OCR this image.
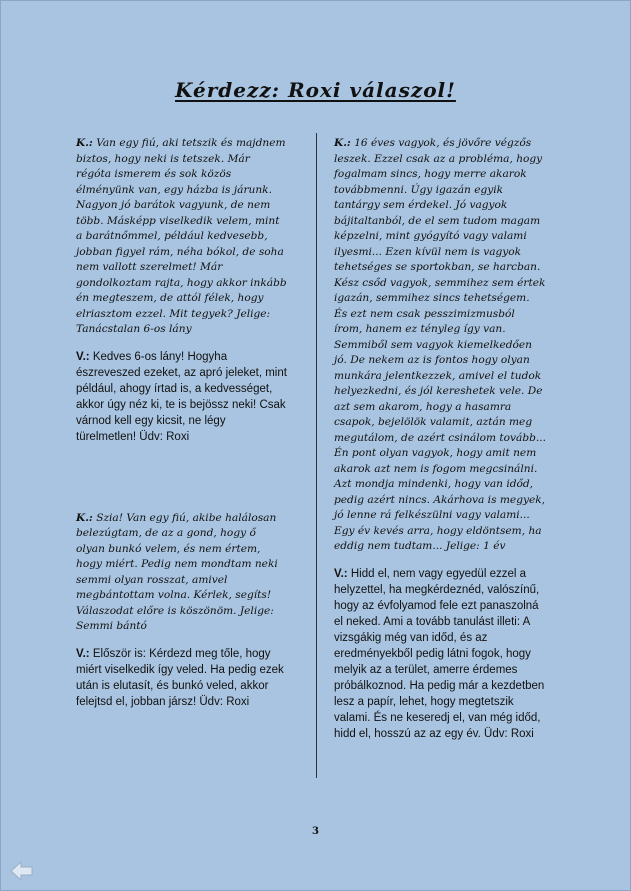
Kérdezz: Roxi válaszol!

K.: Van egy fiú, aki tetszik és majdnem biztos, hogy neki is tetszek. Már régóta ismerem és sok közös élményünk van, egy házba is járunk. Nagyon jó barátok vagyunk, de nem több. Másképp viselkedik velem, mint a barátnőmmel, például kedvesebb, jobban figyel rám, néha bókol, de soha nem vallott szerelmet! Már gondolkoztam rajta, hogy akkor inkább én megteszem, de attól félek, hogy elriasztom ezzel. Mit tegyek? Jelige: Tanácstalan 6-os lány

V.: Kedves 6-os lány! Hogyha észreveszed ezeket, az apró jeleket, mint például, ahogy írtad is, a kedvességet, akkor úgy néz ki, te is bejössz neki! Csak várnod kell egy kicsit, ne légy türelmetlen! Üdv: Roxi

K.: Szia! Van egy fiú, akibe halálosan belezúgtam, de az a gond, hogy ő olyan bunkó velem, és nem értem, hogy miért. Pedig nem mondtam neki semmi olyan rosszat, amivel megbántottam volna. Kérlek, segíts! Válaszodat előre is köszönöm. Jelige: Semmi bántó

V.: Először is: Kérdezd meg tőle, hogy miért viselkedik így veled. Ha pedig ezek után is elutasít, és bunkó veled, akkor felejtsd el, jobban jársz! Üdv: Roxi

K.: 16 éves vagyok, és jövőre végzős leszek. Ezzel csak az a probléma, hogy fogalmam sincs, hogy merre akarok továbbmenni. Úgy igazán egyik tantárgy sem érdekel. Jó vagyok bájitaltanból, de el sem tudom magam képzelni, mint gyógyító vagy valami ilyesmi... Ezen kívül nem is vagyok tehetséges se sportokban, se harcban. Kész csőd vagyok, semmihez sem értek igazán, semmihez sincs tehetségem. És ezt nem csak pesszimizmusból írom, hanem ez tényleg így van. Semmiből sem vagyok kiemelkedően jó. De nekem az is fontos hogy olyan munkára jelentkezzek, amivel el tudok helyezkedni, és jól kereshetek vele. De azt sem akarom, hogy a hasamra csapok, bejelölök valamit, aztán meg megutálom, de azért csinálom tovább... Én pont olyan vagyok, hogy amit nem akarok azt nem is fogom megcsinálni. Azt mondja mindenki, hogy van időd, pedig azért nincs. Akárhova is megyek, jó lenne rá felkészülni vagy valami... Egy év kevés arra, hogy eldöntsem, ha eddig nem tudtam... Jelige: 1 év

V.: Hidd el, nem vagy egyedül ezzel a helyzettel, ha megkérdeznéd, valószínű, hogy az évfolyamod fele ezt panaszolná el neked. Ami a tovább tanulást illeti: A vizsgákig még van időd, és az eredményekből pedig látni fogok, hogy melyik az a terület, amerre érdemes próbálkoznod. Ha pedig már a kezdetben lesz a papír, lehet, hogy megtetszik valami. És ne keseredj el, van még időd, hidd el, hosszú az az egy év. Üdv: Roxi

3
